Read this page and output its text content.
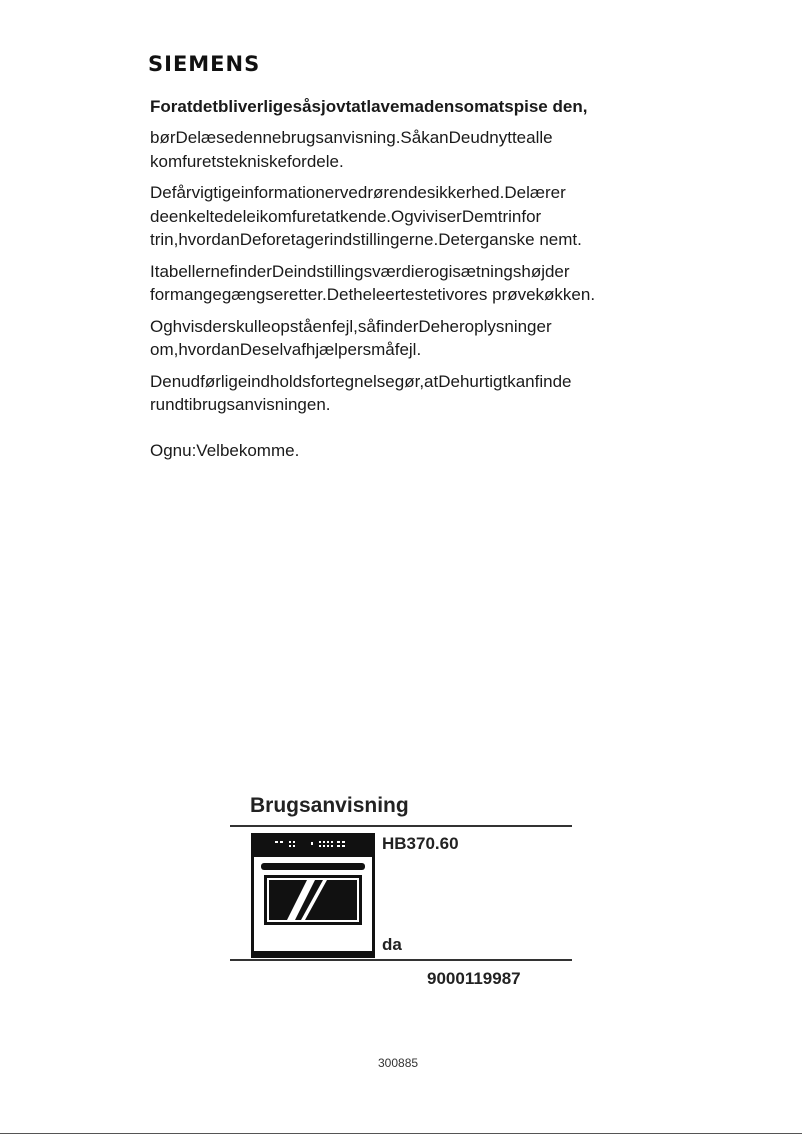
SIEMENS

Foratdetbliverligesåsjovtatlavemadensomatspise den,

børDelæsedennebrugsanvisning.SåkanDeudnyttealle komfuretstekniskefordele.

Defårvigtigeinformationervedrørendesikkerhed.Delærer deenkeltedeleikomfuretatkende.OgviviserDemtrinfor trin,hvordanDeforetagerindstillingerne.Deterganske nemt.

ItabellernefinderDeindstillingsværdierogisætningshøjder formangegængseretter.Detheleertestetivores prøvekøkken.

Oghvisderskulleopståenfejl,såfinderDeheroplysninger om,hvordanDeselvafhjælpersmåfejl.

Denudførligeindholdsfortegnelsegør,atDehurtigtkanfinde rundtibrugsanvisningen.

Ognu:Velbekomme.

Brugsanvisning
HB370.60
da
9000119987
300885
